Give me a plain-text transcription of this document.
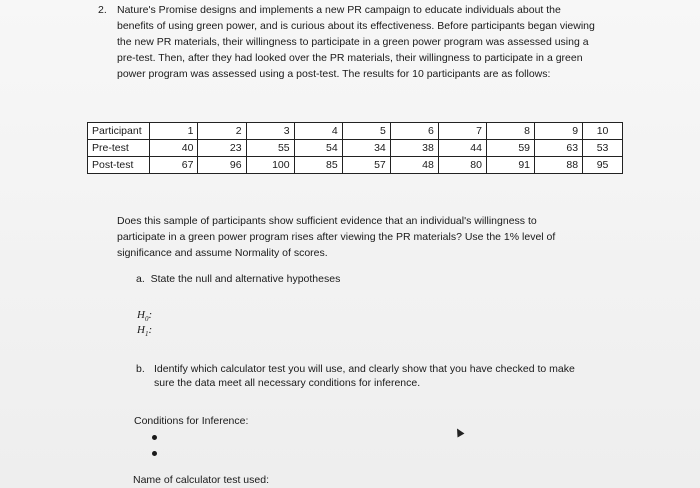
2. Nature's Promise designs and implements a new PR campaign to educate individuals about the benefits of using green power, and is curious about its effectiveness. Before participants began viewing the new PR materials, their willingness to participate in a green power program was assessed using a pre-test. Then, after they had looked over the PR materials, their willingness to participate in a green power program was assessed using a post-test. The results for 10 participants are as follows:
Participant	1	2	3	4	5	6	7	8	9	10
Pre-test	40	23	55	54	34	38	44	59	63	53
Post-test	67	96	100	85	57	48	80	91	88	95
Does this sample of participants show sufficient evidence that an individual's willingness to participate in a green power program rises after viewing the PR materials? Use the 1% level of significance and assume Normality of scores.
a. State the null and alternative hypotheses
$H_0$:
$H_1$:
b. Identify which calculator test you will use, and clearly show that you have checked to make sure the data meet all necessary conditions for inference.
Conditions for Inference:
Name of calculator test used:
